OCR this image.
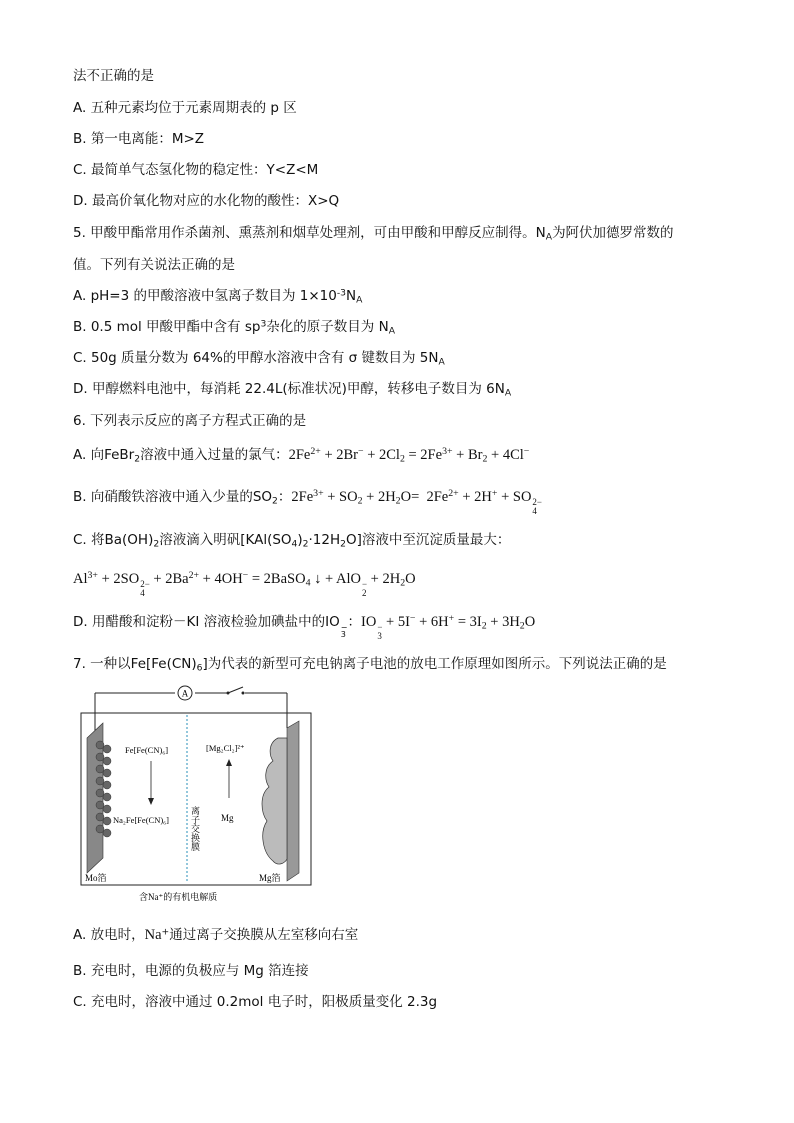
法不正确的是
A. 五种元素均位于元素周期表的 p 区
B. 第一电离能：M>Z
C. 最简单气态氢化物的稳定性：Y<Z<M
D. 最高价氧化物对应的水化物的酸性：X>Q
5. 甲酸甲酯常用作杀菌剂、熏蒸剂和烟草处理剂，可由甲酸和甲醇反应制得。$N_A$为阿伏加德罗常数的
值。下列有关说法正确的是
A. pH=3 的甲酸溶液中氢离子数目为 $1\times 10^{-3}N_A$
B. 0.5 mol 甲酸甲酯中含有 $sp^3$杂化的原子数目为 $N_A$
C. 50g 质量分数为 64%的甲醇水溶液中含有 σ 键数目为 $5N_A$
D. 甲醇燃料电池中，每消耗 22.4L(标准状况)甲醇，转移电子数目为 $6N_A$
6. 下列表示反应的离子方程式正确的是
A. 向FeBr$_2$溶液中通入过量的氯气：$2Fe^{2+} + 2Br^- + 2Cl_2 = 2Fe^{3+} + Br_2 + 4Cl^-$
B. 向硝酸铁溶液中通入少量的$SO_2$：$2Fe^{3+} + SO_2 + 2H_2O= 2Fe^{2+} + 2H^+$ + SO 2−
4
C. 将$Ba(OH)_2$溶液滴入明矾$[KAl(SO_4)_2\cdot 12H_2O]$溶液中至沉淀质量最大：
$Al^{3+} + 2SO$ 2−
4
+ $2Ba^{2+} + 4OH^-$ = 2BaSO$_4$ ↓ + AlO −
2
+ $2H_2O$
D. 用醋酸和淀粉－KI 溶液检验加碘盐中的IO −
3
：IO −
3
+ $5I^- + 6H^+ = 3I_2 + 3H_2O$
7. 一种以$Fe[Fe(CN)_6]$为代表的新型可充电钠离子电池的放电工作原理如图所示。下列说法正确的是
A
离子交换膜
Fe[Fe(CN)₆]
Na₂Fe[Fe(CN)₆]
[Mg₂Cl₂]²⁺
Mg
Mo箔	Mg箔
含Na⁺的有机电解质
A. 放电时，Na+通过离子交换膜从左室移向右室
B. 充电时，电源的负极应与 Mg 箔连接
C. 充电时，溶液中通过 0.2mol 电子时，阳极质量变化 2.3g
